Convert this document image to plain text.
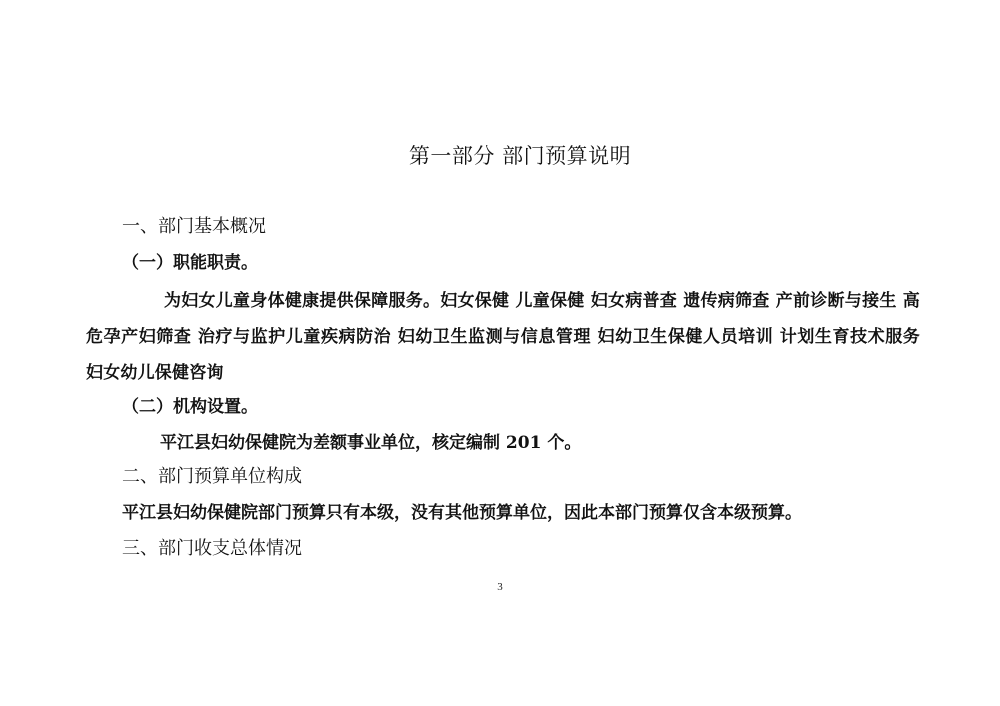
第一部分 部门预算说明
一、部门基本概况
（一）职能职责。
为妇女儿童身体健康提供保障服务。妇女保健 儿童保健 妇女病普查 遗传病筛查 产前诊断与接生 高危孕产妇筛查 治疗与监护儿童疾病防治 妇幼卫生监测与信息管理 妇幼卫生保健人员培训 计划生育技术服务 妇女幼儿保健咨询
（二）机构设置。
平江县妇幼保健院为差额事业单位，核定编制 201 个。
二、部门预算单位构成
平江县妇幼保健院部门预算只有本级，没有其他预算单位，因此本部门预算仅含本级预算。
三、部门收支总体情况
3
